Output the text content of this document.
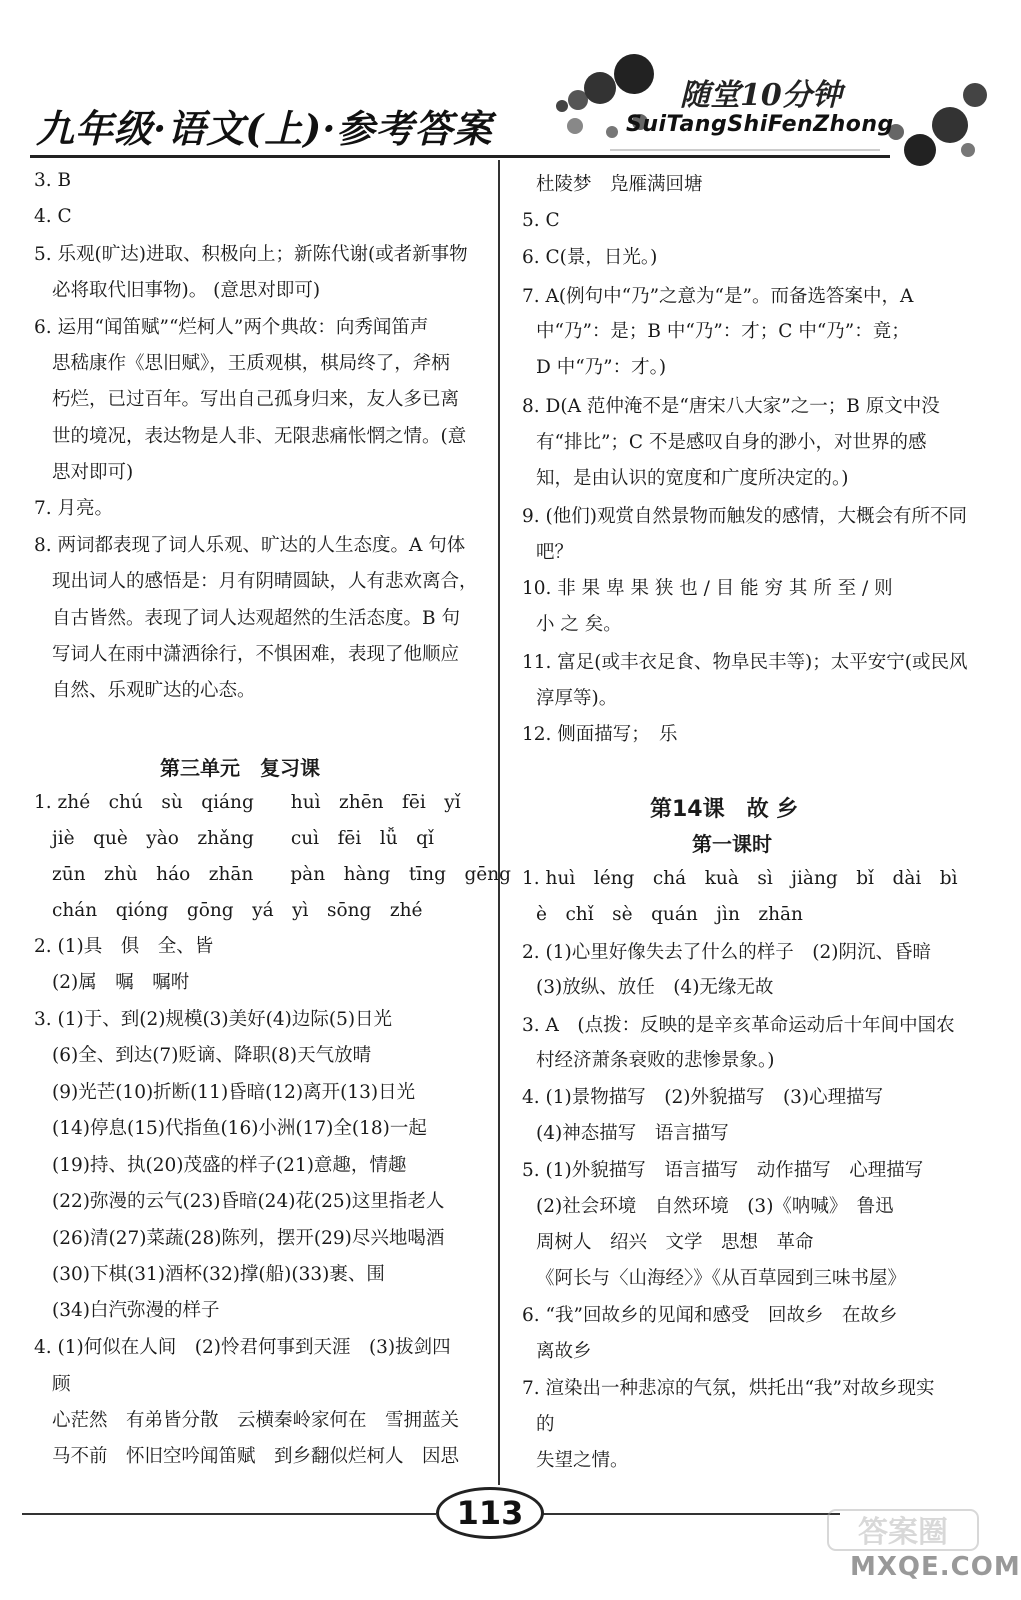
九年级·语文(上)·参考答案
随堂10分钟
SuiTangShiFenZhong
3. B
4. C
5. 乐观(旷达)进取、积极向上；新陈代谢(或者新事物
必将取代旧事物)。 (意思对即可)
6. 运用“闻笛赋”“烂柯人”两个典故：向秀闻笛声
思嵇康作《思旧赋》，王质观棋，棋局终了，斧柄
朽烂，已过百年。写出自己孤身归来，友人多已离
世的境况，表达物是人非、无限悲痛怅惘之情。(意
思对即可)
7. 月亮。
8. 两词都表现了词人乐观、旷达的人生态度。A 句体
现出词人的感悟是：月有阴晴圆缺，人有悲欢离合，
自古皆然。表现了词人达观超然的生活态度。B 句
写词人在雨中潇洒徐行，不惧困难，表现了他顺应
自然、乐观旷达的心态。
第三单元　复习课
1. zhé　chú　sù　qiáng　　huì　zhēn　fēi　yǐ
jiè　què　yào　zhǎng　　cuì　fēi　lǚ　qǐ
zūn　zhù　háo　zhān　　pàn　hàng　tīng　gēng
chán　qióng　gōng　yá　yì　sōng　zhé
2. (1)具　俱　全、皆
(2)属　嘱　嘱咐
3. (1)于、到(2)规模(3)美好(4)边际(5)日光
(6)全、到达(7)贬谪、降职(8)天气放晴
(9)光芒(10)折断(11)昏暗(12)离开(13)日光
(14)停息(15)代指鱼(16)小洲(17)全(18)一起
(19)持、执(20)茂盛的样子(21)意趣，情趣
(22)弥漫的云气(23)昏暗(24)花(25)这里指老人
(26)清(27)菜蔬(28)陈列，摆开(29)尽兴地喝酒
(30)下棋(31)酒杯(32)撑(船)(33)裹、围
(34)白汽弥漫的样子
4. (1)何似在人间　(2)怜君何事到天涯　(3)拔剑四
顾
心茫然　有弟皆分散　云横秦岭家何在　雪拥蓝关
马不前　怀旧空吟闻笛赋　到乡翻似烂柯人　因思
杜陵梦　凫雁满回塘
5. C
6. C(景，日光。)
7. A(例句中“乃”之意为“是”。而备选答案中，A
中“乃”：是；B 中“乃”：才；C 中“乃”：竟；
D 中“乃”：才。)
8. D(A 范仲淹不是“唐宋八大家”之一；B 原文中没
有“排比”；C 不是感叹自身的渺小，对世界的感
知，是由认识的宽度和广度所决定的。)
9. (他们)观赏自然景物而触发的感情，大概会有所不同
吧？
10. 非 果 卑 果 狭 也 / 目 能 穷 其 所 至 / 则
小 之 矣。
11. 富足(或丰衣足食、物阜民丰等)；太平安宁(或民风
淳厚等)。
12. 侧面描写；　乐
第14课　故 乡
第一课时
1. huì　léng　chá　kuà　sì　jiàng　bǐ　dài　bì
è　chǐ　sè　quán　jìn　zhān
2. (1)心里好像失去了什么的样子　(2)阴沉、昏暗
(3)放纵、放任　(4)无缘无故
3. A　(点拨：反映的是辛亥革命运动后十年间中国农
村经济萧条衰败的悲惨景象。)
4. (1)景物描写　(2)外貌描写　(3)心理描写
(4)神态描写　语言描写
5. (1)外貌描写　语言描写　动作描写　心理描写
(2)社会环境　自然环境　(3)《呐喊》　鲁迅
周树人　绍兴　文学　思想　革命
《阿长与〈山海经〉》《从百草园到三味书屋》
6. “我”回故乡的见闻和感受　回故乡　在故乡
离故乡
7. 渲染出一种悲凉的气氛，烘托出“我”对故乡现实
的
失望之情。
113
答案圈
MXQE.COM
